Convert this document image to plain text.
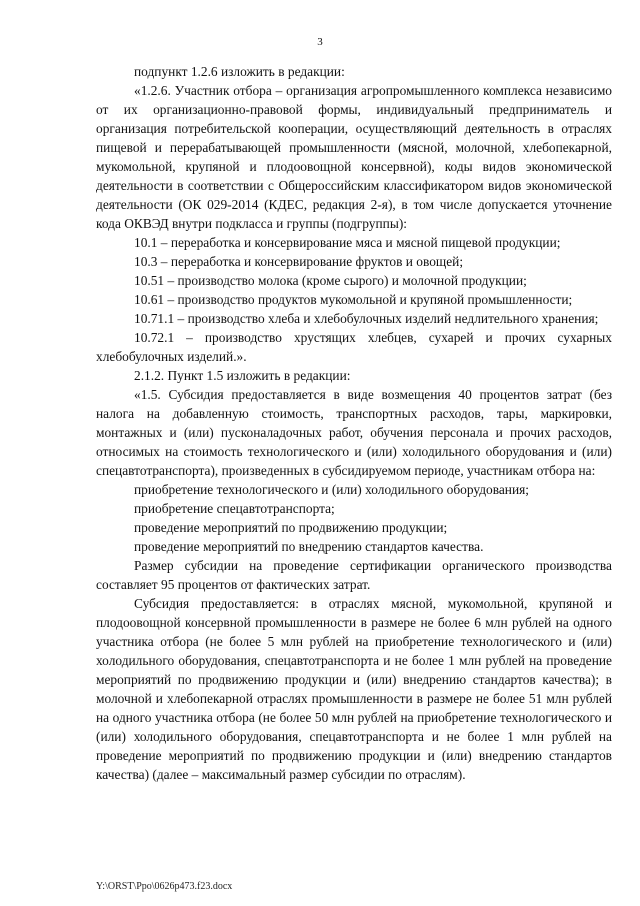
3

подпункт 1.2.6 изложить в редакции:

«1.2.6. Участник отбора – организация агропромышленного комплекса независимо от их организационно-правовой формы, индивидуальный предприниматель и организация потребительской кооперации, осуществляющий деятельность в отраслях пищевой и перерабатывающей промышленности (мясной, молочной, хлебопекарной, мукомольной, крупяной и плодоовощной консервной), коды видов экономической деятельности в соответствии с Общероссийским классификатором видов экономической деятельности (ОК 029-2014 (КДЕС, редакция 2-я), в том числе допускается уточнение кода ОКВЭД внутри подкласса и группы (подгруппы):

10.1 – переработка и консервирование мяса и мясной пищевой продукции;

10.3 – переработка и консервирование фруктов и овощей;

10.51 – производство молока (кроме сырого) и молочной продукции;

10.61 – производство продуктов мукомольной и крупяной промышленности;

10.71.1 – производство хлеба и хлебобулочных изделий недлительного хранения;

10.72.1 – производство хрустящих хлебцев, сухарей и прочих сухарных хлебобулочных изделий.».

2.1.2. Пункт 1.5 изложить в редакции:

«1.5. Субсидия предоставляется в виде возмещения 40 процентов затрат (без налога на добавленную стоимость, транспортных расходов, тары, маркировки, монтажных и (или) пусконаладочных работ, обучения персонала и прочих расходов, относимых на стоимость технологического и (или) холодильного оборудования и (или) спецавтотранспорта), произведенных в субсидируемом периоде, участникам отбора на:

приобретение технологического и (или) холодильного оборудования;

приобретение спецавтотранспорта;

проведение мероприятий по продвижению продукции;

проведение мероприятий по внедрению стандартов качества.

Размер субсидии на проведение сертификации органического производства составляет 95 процентов от фактических затрат.

Субсидия предоставляется: в отраслях мясной, мукомольной, крупяной и плодоовощной консервной промышленности в размере не более 6 млн рублей на одного участника отбора (не более 5 млн рублей на приобретение технологического и (или) холодильного оборудования, спецавтотранспорта и не более 1 млн рублей на проведение мероприятий по продвижению продукции и (или) внедрению стандартов качества); в молочной и хлебопекарной отраслях промышленности в размере не более 51 млн рублей на одного участника отбора (не более 50 млн рублей на приобретение технологического и (или) холодильного оборудования, спецавтотранспорта и не более 1 млн рублей на проведение мероприятий по продвижению продукции и (или) внедрению стандартов качества) (далее – максимальный размер субсидии по отраслям).

Y:\ORST\Ppo\0626p473.f23.docx
